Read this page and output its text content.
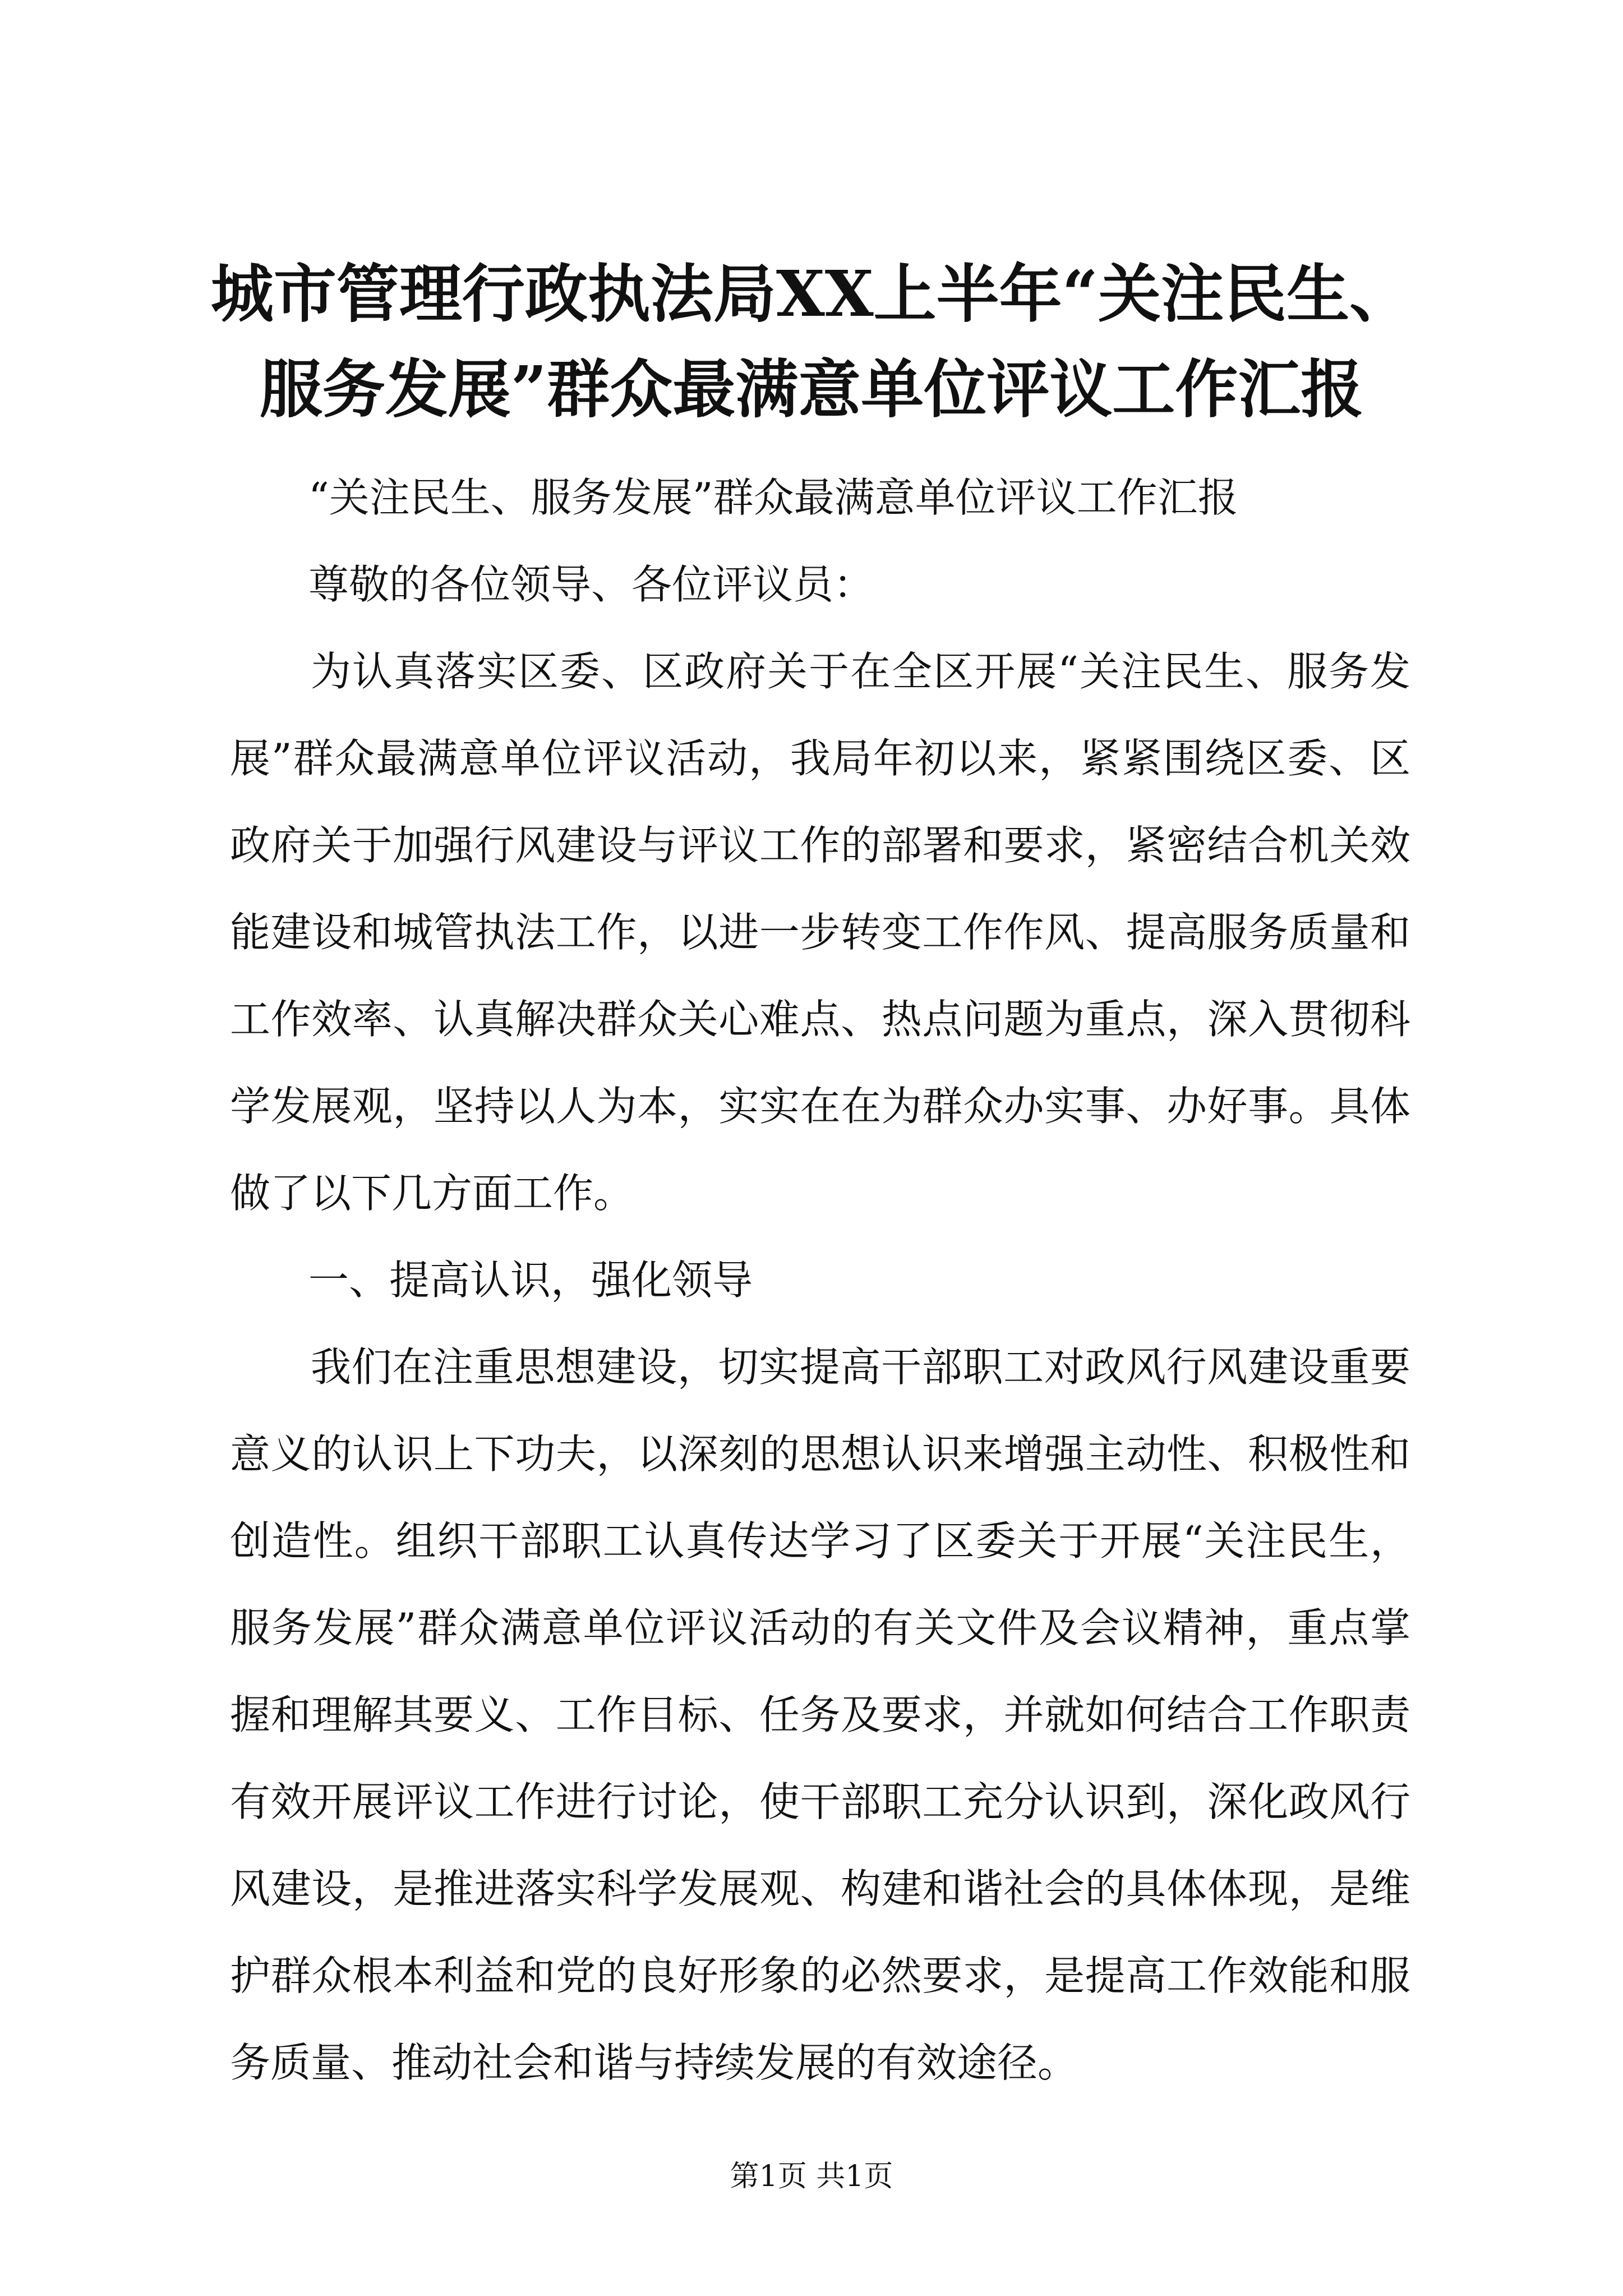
城市管理行政执法局XX上半年“关注民生、
服务发展”群众最满意单位评议工作汇报

“关注民生、服务发展”群众最满意单位评议工作汇报

尊敬的各位领导、各位评议员：

为认真落实区委、区政府关于在全区开展“关注民生、服务发展”群众最满意单位评议活动，我局年初以来，紧紧围绕区委、区政府关于加强行风建设与评议工作的部署和要求，紧密结合机关效能建设和城管执法工作，以进一步转变工作作风、提高服务质量和工作效率、认真解决群众关心难点、热点问题为重点，深入贯彻科学发展观，坚持以人为本，实实在在为群众办实事、办好事。具体做了以下几方面工作。

一、提高认识，强化领导

我们在注重思想建设，切实提高干部职工对政风行风建设重要意义的认识上下功夫，以深刻的思想认识来增强主动性、积极性和创造性。组织干部职工认真传达学习了区委关于开展“关注民生，服务发展”群众满意单位评议活动的有关文件及会议精神，重点掌握和理解其要义、工作目标、任务及要求，并就如何结合工作职责有效开展评议工作进行讨论，使干部职工充分认识到，深化政风行风建设，是推进落实科学发展观、构建和谐社会的具体体现，是维护群众根本利益和党的良好形象的必然要求，是提高工作效能和服务质量、推动社会和谐与持续发展的有效途径。

第1页 共1页
